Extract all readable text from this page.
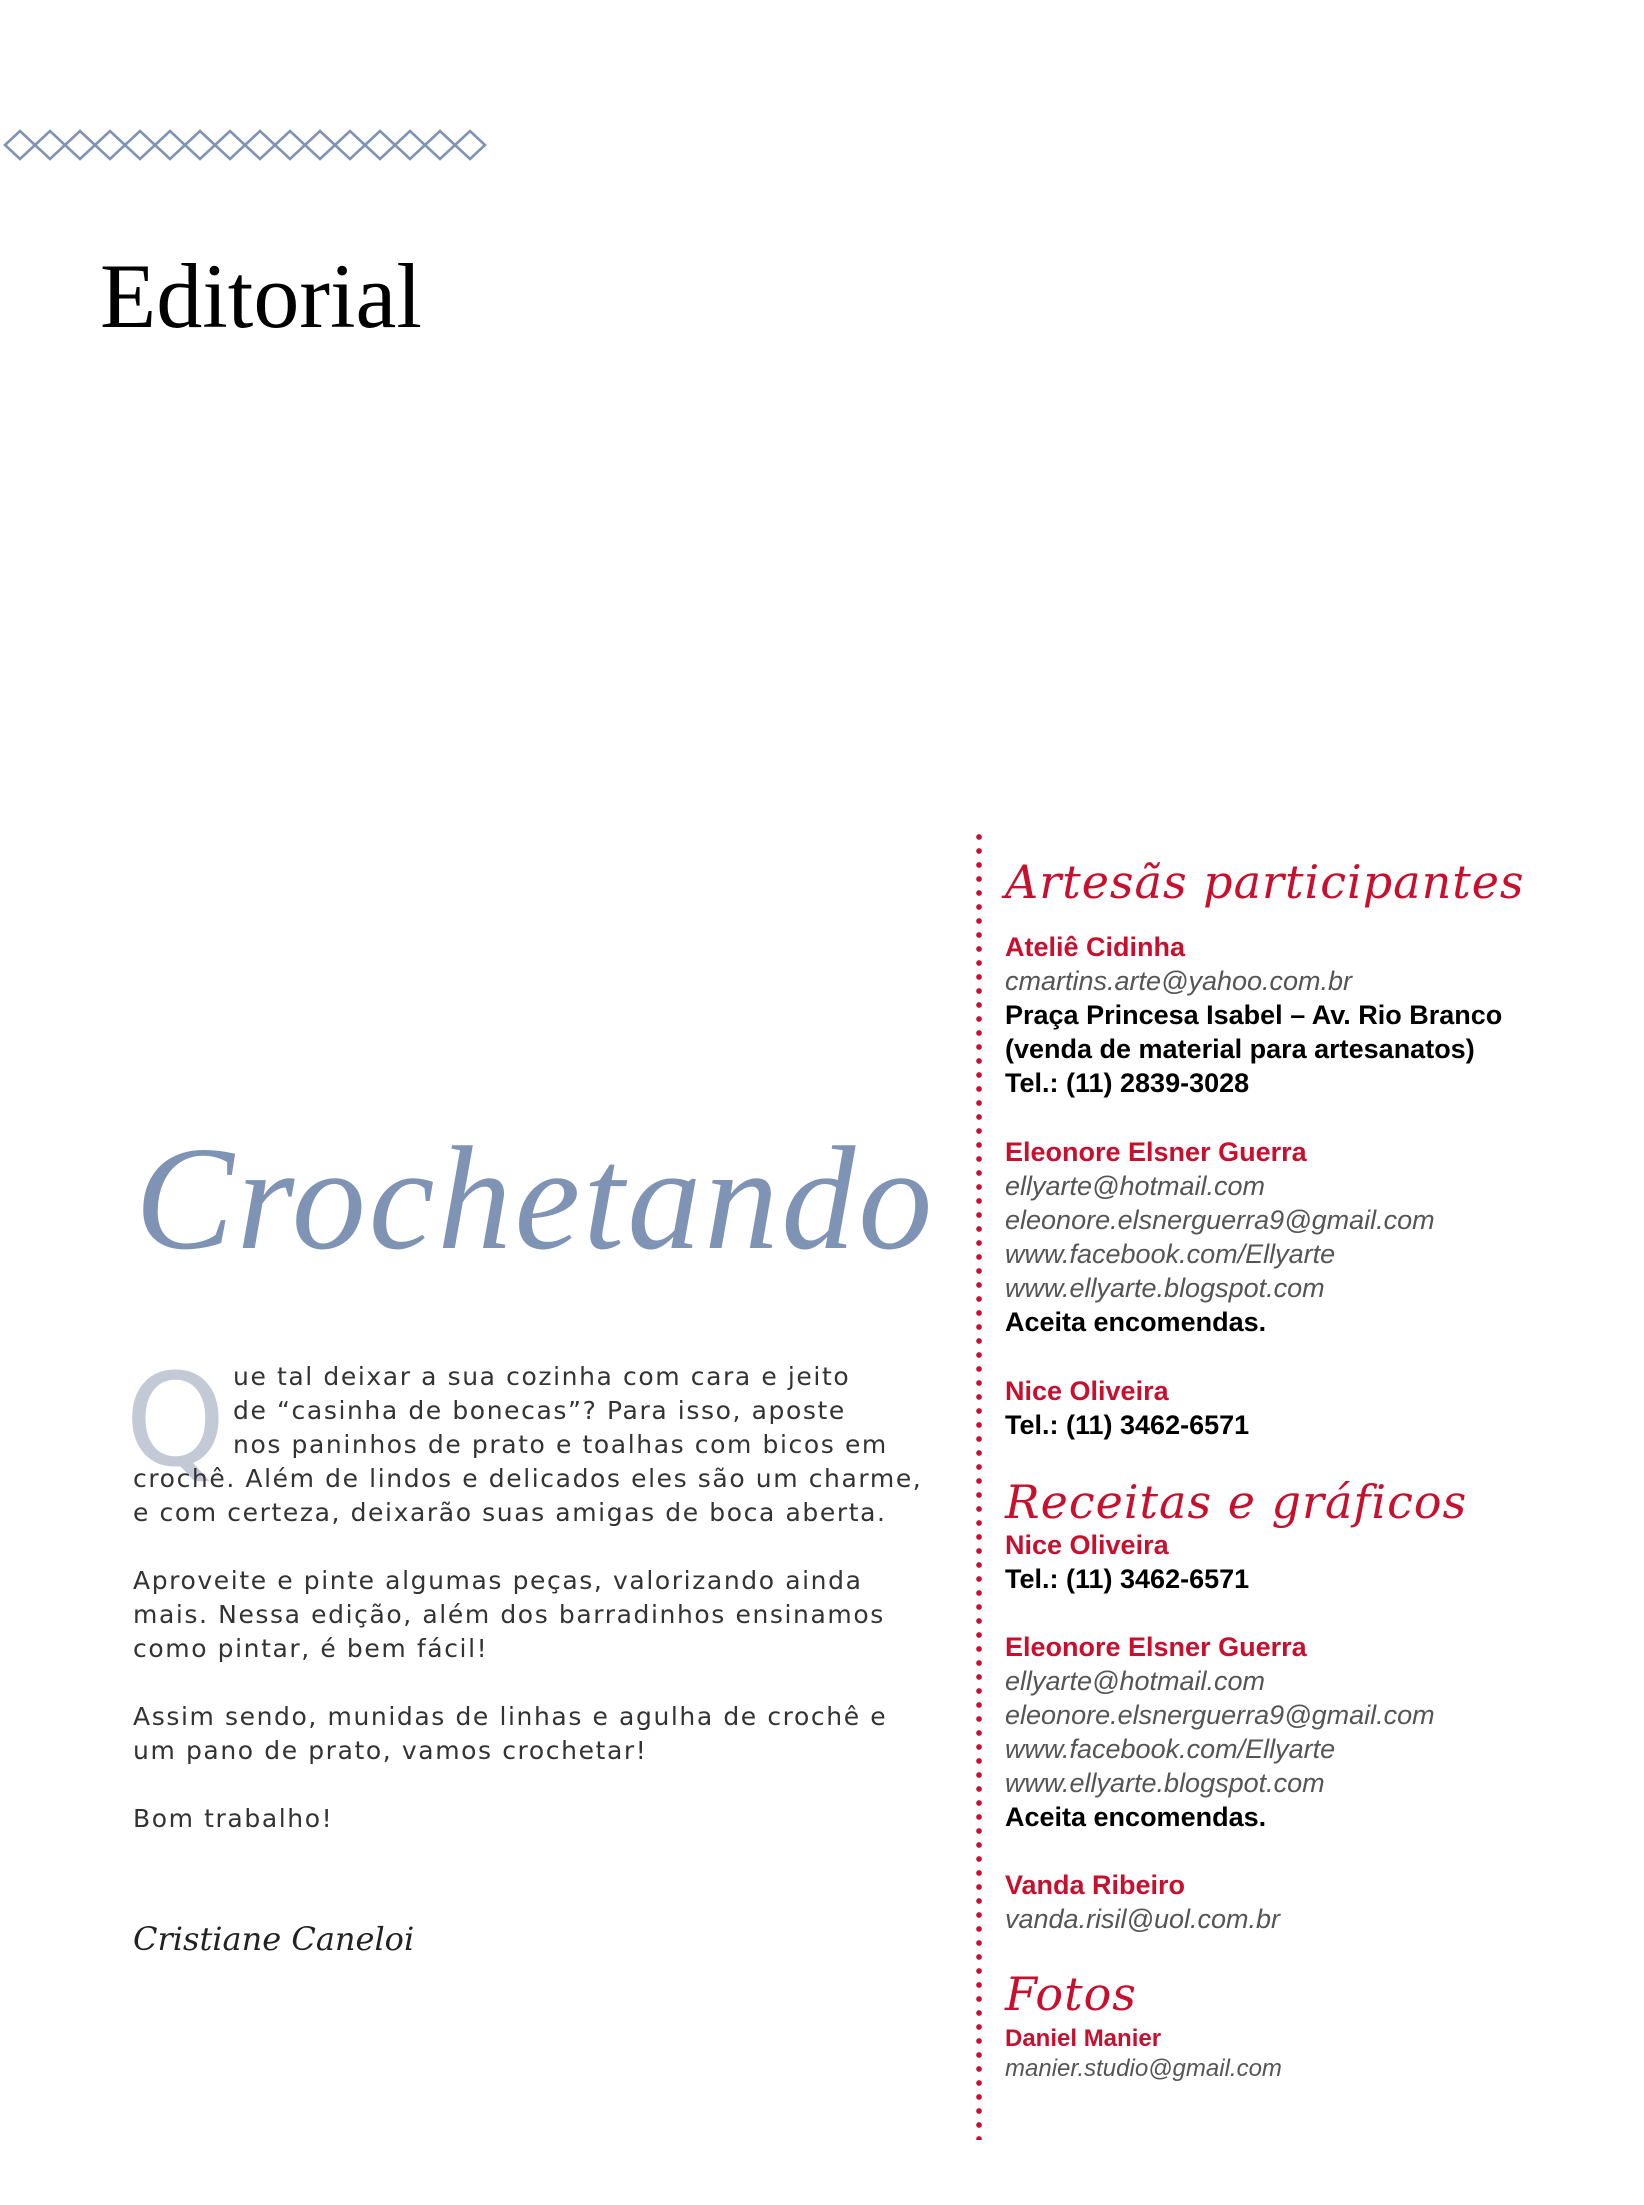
Editorial
Crochetando
Q ue tal deixar a sua cozinha com cara e jeito
de “casinha de bonecas”? Para isso, aposte
nos paninhos de prato e toalhas com bicos em
crochê. Além de lindos e delicados eles são um charme,
e com certeza, deixarão suas amigas de boca aberta.

Aproveite e pinte algumas peças, valorizando ainda
mais. Nessa edição, além dos barradinhos ensinamos
como pintar, é bem fácil!

Assim sendo, munidas de linhas e agulha de crochê e
um pano de prato, vamos crochetar!

Bom trabalho!

Cristiane Caneloi
Artesãs participantes
Ateliê Cidinha
cmartins.arte@yahoo.com.br
Praça Princesa Isabel – Av. Rio Branco
(venda de material para artesanatos)
Tel.: (11) 2839-3028
Eleonore Elsner Guerra
ellyarte@hotmail.com
eleonore.elsnerguerra9@gmail.com
www.facebook.com/Ellyarte
www.ellyarte.blogspot.com
Aceita encomendas.
Nice Oliveira
Tel.: (11) 3462-6571
Receitas e gráficos
Nice Oliveira
Tel.: (11) 3462-6571
Eleonore Elsner Guerra
ellyarte@hotmail.com
eleonore.elsnerguerra9@gmail.com
www.facebook.com/Ellyarte
www.ellyarte.blogspot.com
Aceita encomendas.
Vanda Ribeiro
vanda.risil@uol.com.br
Fotos
Daniel Manier
manier.studio@gmail.com
